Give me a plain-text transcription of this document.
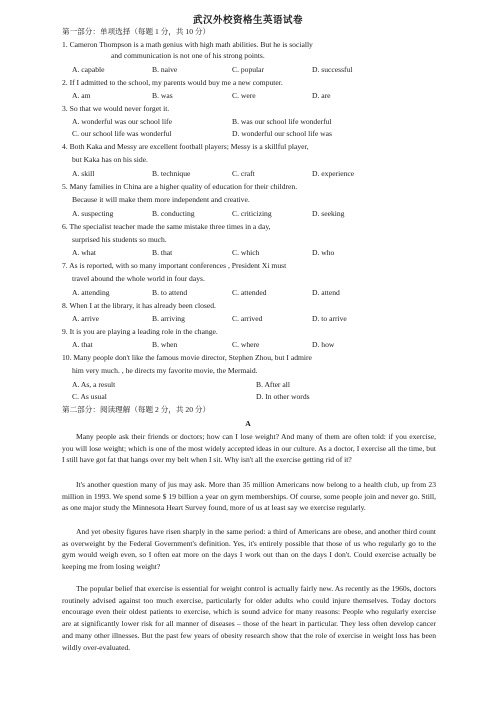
武汉外校资格生英语试卷
第一部分：单项选择（每题 1 分，共 10 分）
1. Cameron Thompson is a math genius with high math abilities. But he is socially
and communication is not one of his strong points.
A. capable	B. naive	C. popular	D. successful
2. If I admitted to the school, my parents would buy me a new computer.
A. am	B. was	C. were	D. are
3. So that we would never forget it.
A. wonderful was our school life	B. was our school life wonderful
C. our school life was wonderful	D. wonderful our school life was
4. Both Kaka and Messy are excellent football players; Messy is a skillful player,
but Kaka has on his side.
A. skill	B. technique	C. craft	D. experience
5. Many families in China are a higher quality of education for their children.
Because it will make them more independent and creative.
A. suspecting	B. conducting	C. criticizing	D. seeking
6. The specialist teacher made the same mistake three times in a day,
surprised his students so much.
A. what	B. that	C. which	D. who
7. As is reported, with so many important conferences , President Xi must
travel abound the whole world in four days.
A. attending	B. to attend	C. attended	D. attend
8. When I at the library, it has already been closed.
A. arrive	B. arriving	C. arrived	D. to arrive
9. It is you are playing a leading role in the change.
A. that	B. when	C. where	D. how
10. Many people don't like the famous movie director, Stephen Zhou, but I admire
him very much. , he directs my favorite movie, the Mermaid.
A. As, a result	B. After all
C. As usual	D. In other words
第二部分：阅读理解（每题 2 分，共 20 分）
A
Many people ask their friends or doctors; how can I lose weight? And many of them are often told: if you exercise, you will lose weight; which is one of the most widely accepted ideas in our culture. As a doctor, I exercise all the time, but I still have got fat that hangs over my belt when I sit. Why isn't all the exercise getting rid of it?
It's another question many of jus may ask. More than 35 million Americans now belong to a health club, up from 23 million in 1993. We spend some $ 19 billion a year on gym memberships. Of course, some people join and never go. Still, as one major study the Minnesota Heart Survey found, more of us at least say we exercise regularly.
And yet obesity figures have risen sharply in the same period: a third of Americans are obese, and another third count as overweight by the Federal Government's definition. Yes, it's entirely possible that those of us who regularly go to the gym would weigh even, so I often eat more on the days I work out than on the days I don't. Could exercise actually be keeping me from losing weight?
The popular belief that exercise is essential for weight control is actually fairly new. As recently as the 1960s, doctors routinely advised against too much exercise, particularly for older adults who could injure themselves. Today doctors encourage even their oldest patients to exercise, which is sound advice for many reasons: People who regularly exercise are at significantly lower risk for all manner of diseases – those of the heart in particular. They less often develop cancer and many other illnesses. But the past few years of obesity research show that the role of exercise in weight loss has been wildly over-evaluated.
